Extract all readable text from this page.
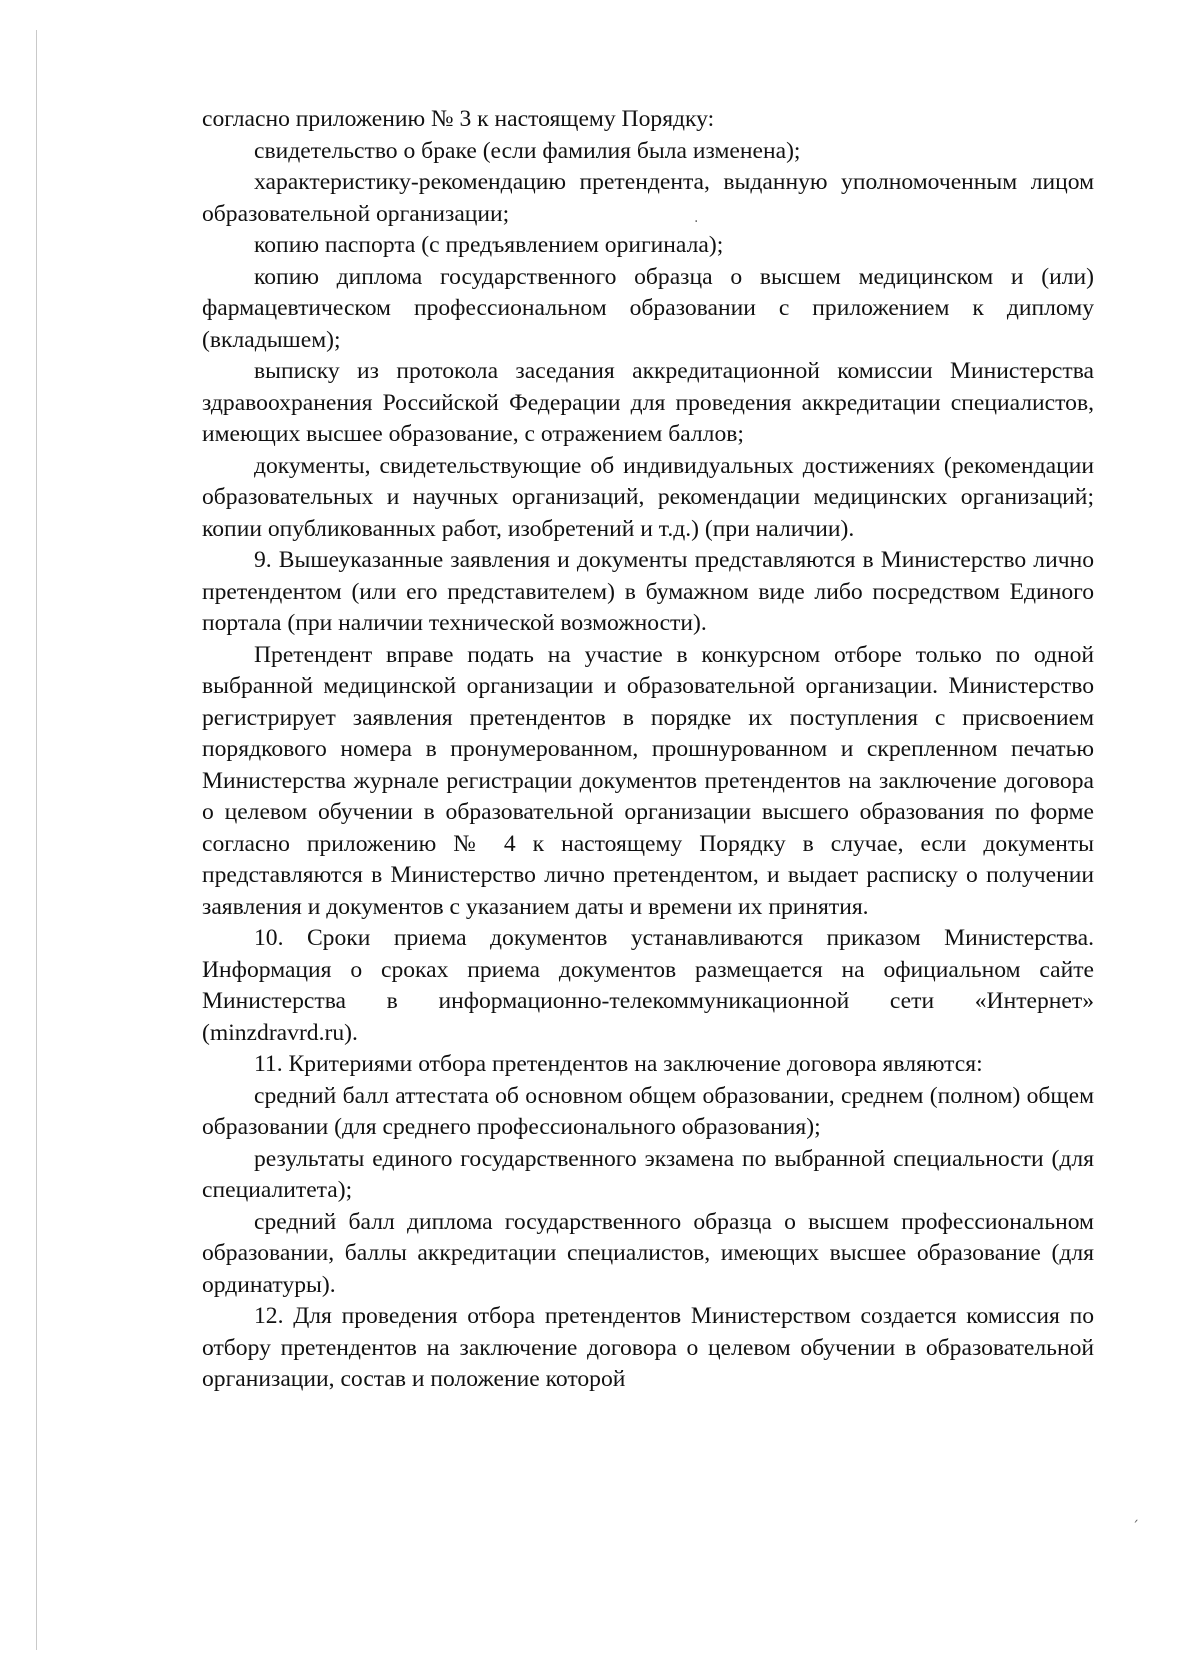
согласно приложению № 3 к настоящему Порядку:

свидетельство о браке (если фамилия была изменена);

характеристику-рекомендацию претендента, выданную уполномоченным лицом образовательной организации;

копию паспорта (с предъявлением оригинала);

копию диплома государственного образца о высшем медицинском и (или) фармацевтическом профессиональном образовании с приложением к диплому (вкладышем);

выписку из протокола заседания аккредитационной комиссии Министерства здравоохранения Российской Федерации для проведения аккредитации специалистов, имеющих высшее образование, с отражением баллов;

документы, свидетельствующие об индивидуальных достижениях (рекомендации образовательных и научных организаций, рекомендации медицинских организаций; копии опубликованных работ, изобретений и т.д.) (при наличии).

9. Вышеуказанные заявления и документы представляются в Министерство лично претендентом (или его представителем) в бумажном виде либо посредством Единого портала (при наличии технической возможности).

Претендент вправе подать на участие в конкурсном отборе только по одной выбранной медицинской организации и образовательной организации. Министерство регистрирует заявления претендентов в порядке их поступления с присвоением порядкового номера в пронумерованном, прошнурованном и скрепленном печатью Министерства журнале регистрации документов претендентов на заключение договора о целевом обучении в образовательной организации высшего образования по форме согласно приложению № 4 к настоящему Порядку в случае, если документы представляются в Министерство лично претендентом, и выдает расписку о получении заявления и документов с указанием даты и времени их принятия.

10. Сроки приема документов устанавливаются приказом Министерства. Информация о сроках приема документов размещается на официальном сайте Министерства в информационно-телекоммуникационной сети «Интернет» (minzdravrd.ru).

11. Критериями отбора претендентов на заключение договора являются:

средний балл аттестата об основном общем образовании, среднем (полном) общем образовании (для среднего профессионального образования);

результаты единого государственного экзамена по выбранной специальности (для специалитета);

средний балл диплома государственного образца о высшем профессиональном образовании, баллы аккредитации специалистов, имеющих высшее образование (для ординатуры).

12. Для проведения отбора претендентов Министерством создается комиссия по отбору претендентов на заключение договора о целевом обучении в образовательной организации, состав и положение которой

·
ˏ
